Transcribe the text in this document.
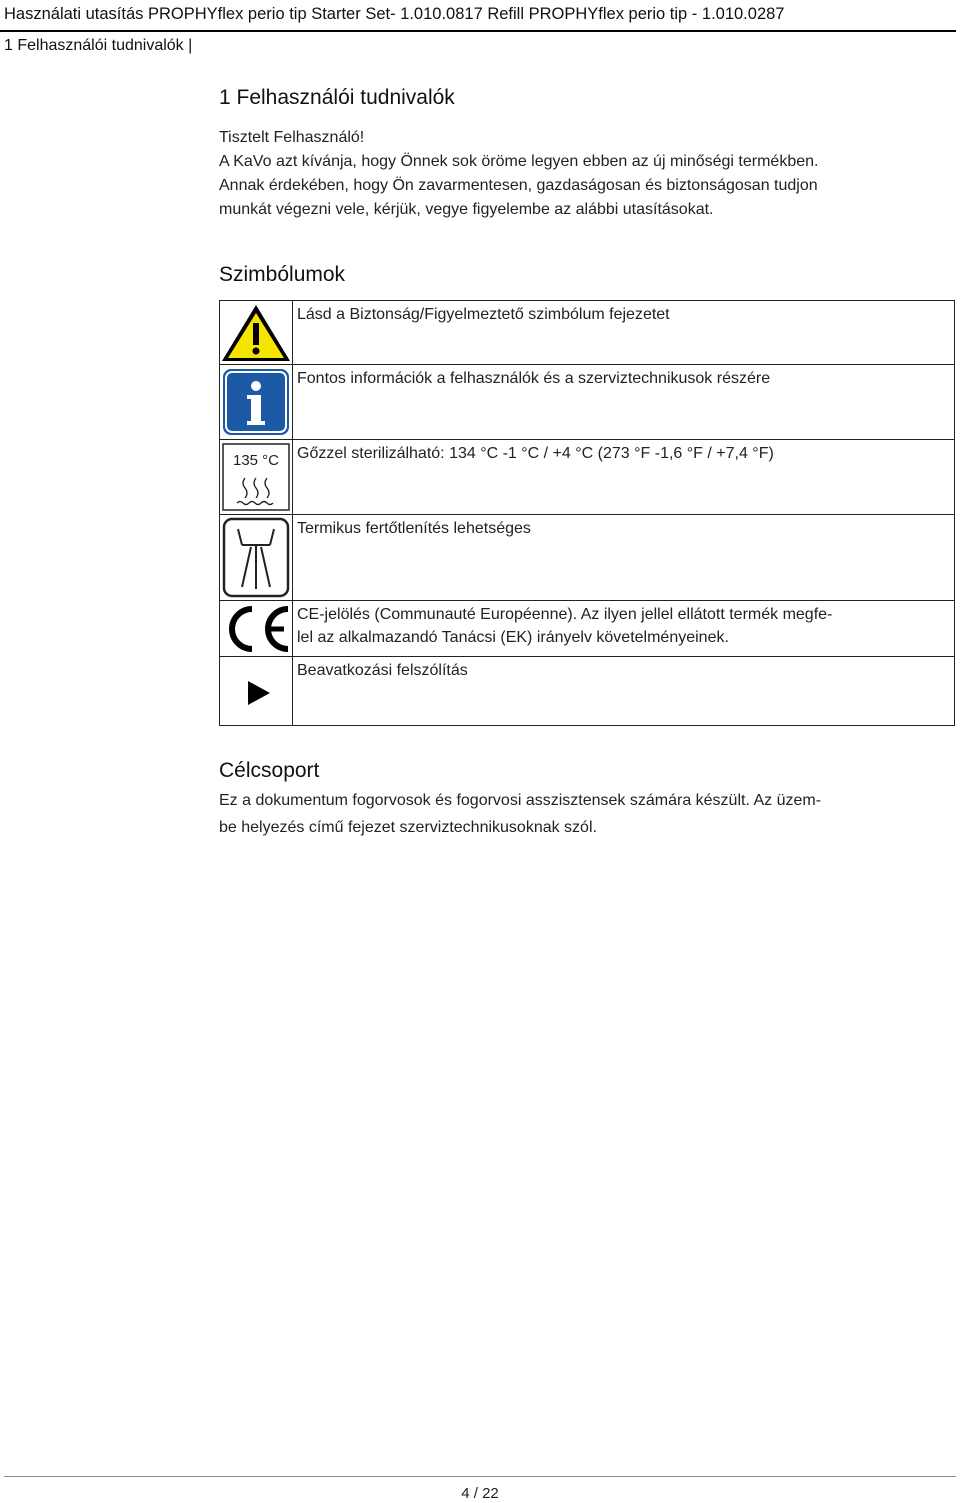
Használati utasítás PROPHYflex perio tip Starter Set- 1.010.0817 Refill PROPHYflex perio tip - 1.010.0287
1 Felhasználói tudnivalók |
1 Felhasználói tudnivalók

Tisztelt Felhasználó!

A KaVo azt kívánja, hogy Önnek sok öröme legyen ebben az új minőségi termékben.

Annak érdekében, hogy Ön zavarmentesen, gazdaságosan és biztonságosan tudjon

munkát végezni vele, kérjük, vegye figyelembe az alábbi utasításokat.

Szimbólumok
	Lásd a Biztonság/Figyelmeztető szimbólum fejezetet

	Fontos információk a felhasználók és a szerviztechnikusok részére

135 °C	Gőzzel sterilizálható: 134 °C -1 °C / +4 °C (273 °F -1,6 °F / +7,4 °F)

	Termikus fertőtlenítés lehetséges

CE-jelölés (Communauté Européenne). Az ilyen jellel ellátott termék megfe-
lel az alkalmazandó Tanácsi (EK) irányelv követelményeinek.

	Beavatkozási felszólítás
Célcsoport

Ez a dokumentum fogorvosok és fogorvosi asszisztensek számára készült. Az üzem-

be helyezés című fejezet szerviztechnikusoknak szól.

4 / 22
